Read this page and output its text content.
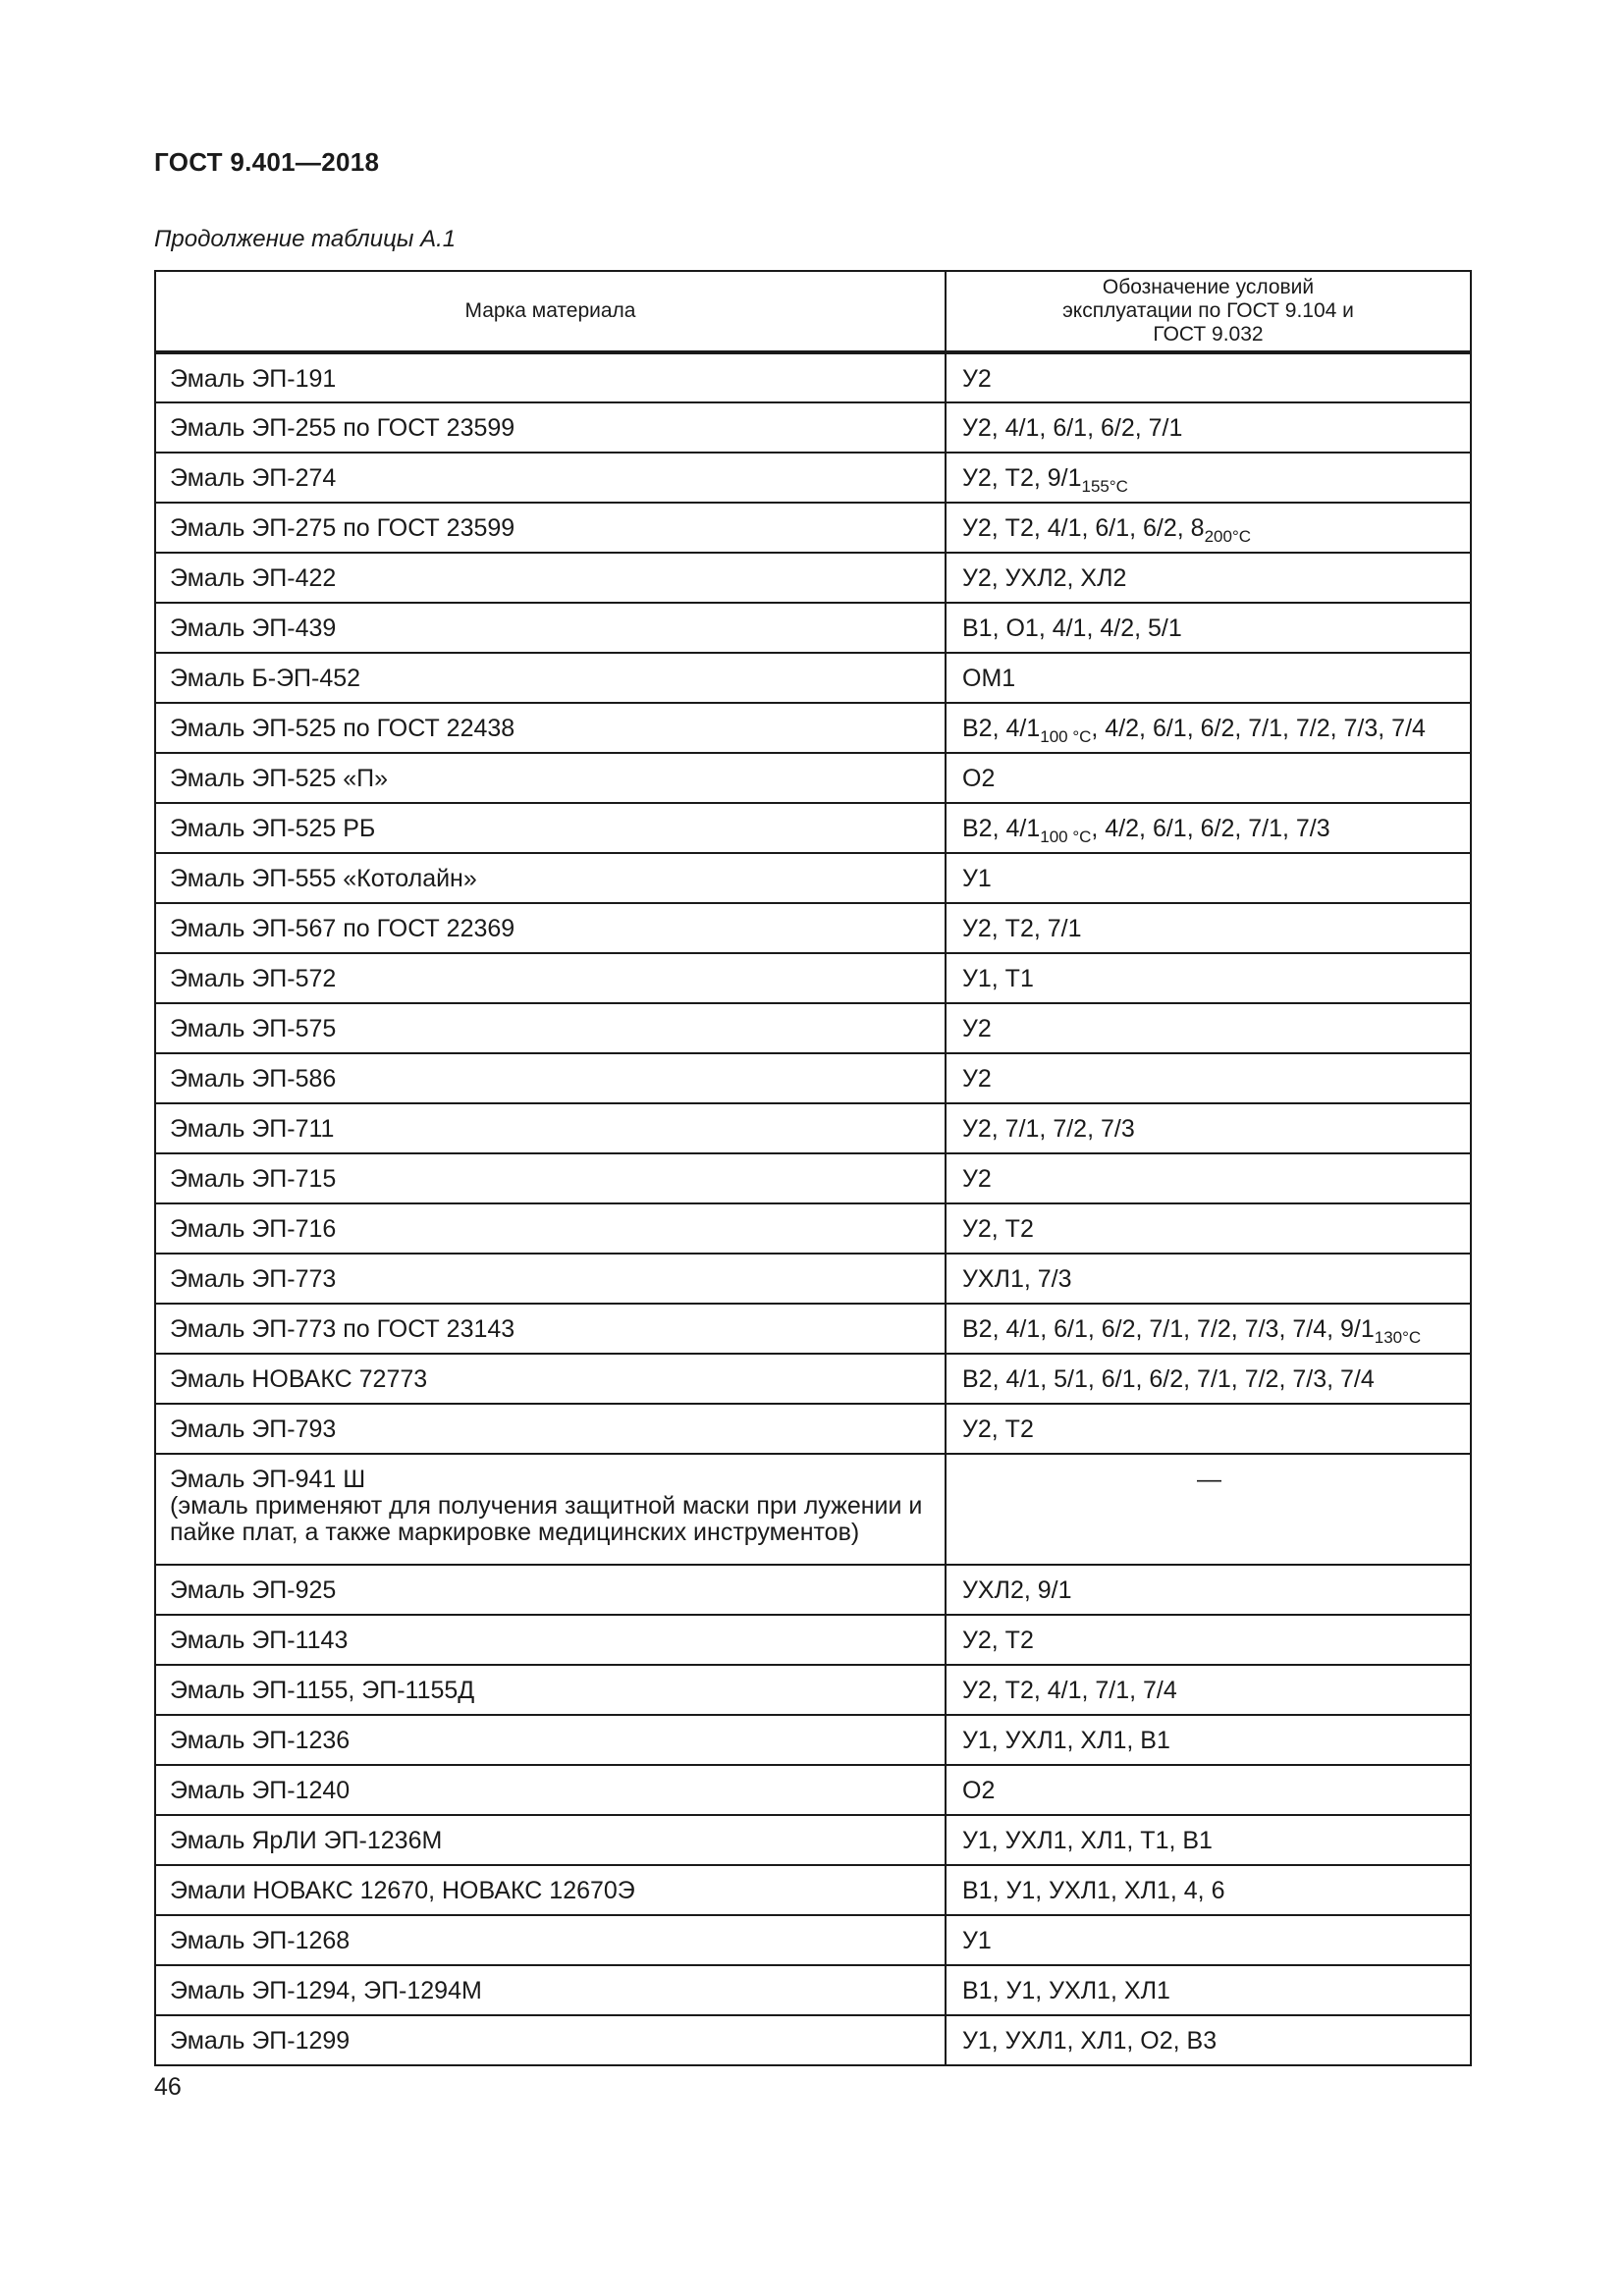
ГОСТ 9.401—2018
Продолжение таблицы А.1
Марка материала	Обозначение условий эксплуатации по ГОСТ 9.104 и ГОСТ 9.032

Эмаль ЭП-191	У2
Эмаль ЭП-255 по ГОСТ 23599	У2, 4/1, 6/1, 6/2, 7/1
Эмаль ЭП-274	У2, Т2, $9/1_{155^\circ С}$
Эмаль ЭП-275 по ГОСТ 23599	У2, Т2, 4/1, 6/1, 6/2, $8_{200^\circ С}$
Эмаль ЭП-422	У2, УХЛ2, ХЛ2
Эмаль ЭП-439	В1, О1, 4/1, 4/2, 5/1
Эмаль Б-ЭП-452	ОМ1
Эмаль ЭП-525 по ГОСТ 22438	В2, $4/1_{100 ^\circ С}$, 4/2, 6/1, 6/2, 7/1, 7/2, 7/3, 7/4
Эмаль ЭП-525 «П»	О2
Эмаль ЭП-525 РБ	В2, $4/1_{100 ^\circ С}$, 4/2, 6/1, 6/2, 7/1, 7/3
Эмаль ЭП-555 «Котолайн»	У1
Эмаль ЭП-567 по ГОСТ 22369	У2, Т2, 7/1
Эмаль ЭП-572	У1, Т1
Эмаль ЭП-575	У2
Эмаль ЭП-586	У2
Эмаль ЭП-711	У2, 7/1, 7/2, 7/3
Эмаль ЭП-715	У2
Эмаль ЭП-716	У2, Т2
Эмаль ЭП-773	УХЛ1, 7/3
Эмаль ЭП-773 по ГОСТ 23143	В2, 4/1, 6/1, 6/2, 7/1, 7/2, 7/3, 7/4, $9/1_{130^\circ С}$
Эмаль НОВАКС 72773	В2, 4/1, 5/1, 6/1, 6/2, 7/1, 7/2, 7/3, 7/4
Эмаль ЭП-793	У2, Т2
Эмаль ЭП-941 Ш
(эмаль применяют для получения защитной маски при лужении и пайке плат, а также маркировке медицинских инструментов)	—
Эмаль ЭП-925	УХЛ2, 9/1
Эмаль ЭП-1143	У2, Т2
Эмаль ЭП-1155, ЭП-1155Д	У2, Т2, 4/1, 7/1, 7/4
Эмаль ЭП-1236	У1, УХЛ1, ХЛ1, В1
Эмаль ЭП-1240	О2
Эмаль ЯрЛИ ЭП-1236М	У1, УХЛ1, ХЛ1, Т1, В1
Эмали НОВАКС 12670, НОВАКС 12670Э	В1, У1, УХЛ1, ХЛ1, 4, 6
Эмаль ЭП-1268	У1
Эмаль ЭП-1294, ЭП-1294М	В1, У1, УХЛ1, ХЛ1
Эмаль ЭП-1299	У1, УХЛ1, ХЛ1, О2, В3
46
